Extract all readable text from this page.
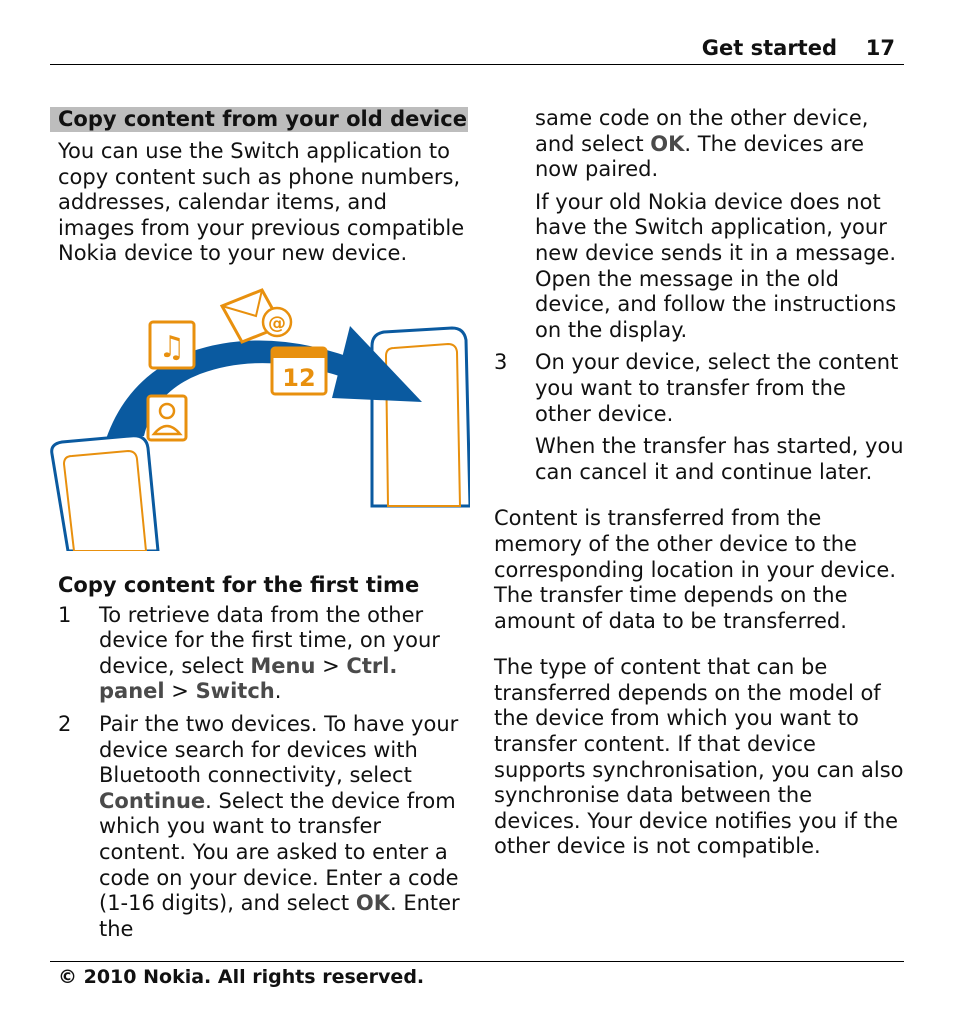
Get started	17
Copy content from your old device

You can use the Switch application to copy content such as phone numbers, addresses, calendar items, and images from your previous compatible Nokia device to your new device.

Copy content for the first time

1 To retrieve data from the other device for the first time, on your device, select Menu > Ctrl. panel > Switch.
2 Pair the two devices. To have your device search for devices with Bluetooth connectivity, select Continue. Select the device from which you want to transfer content. You are asked to enter a code on your device. Enter a code (1-16 digits), and select OK. Enter the
♫
@
12
same code on the other device, and select OK. The devices are now paired.

If your old Nokia device does not have the Switch application, your new device sends it in a message. Open the message in the old device, and follow the instructions on the display.

3 On your device, select the content you want to transfer from the other device.

When the transfer has started, you can cancel it and continue later.

Content is transferred from the memory of the other device to the corresponding location in your device. The transfer time depends on the amount of data to be transferred.

The type of content that can be transferred depends on the model of the device from which you want to transfer content. If that device supports synchronisation, you can also synchronise data between the devices. Your device notifies you if the other device is not compatible.

© 2010 Nokia. All rights reserved.
